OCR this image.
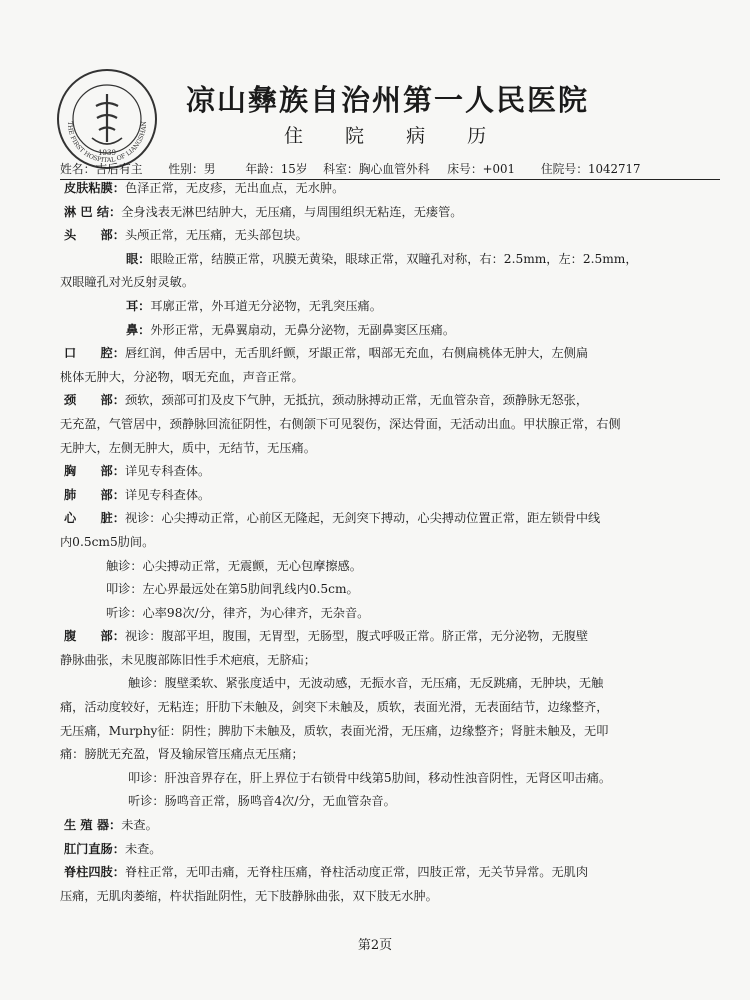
1939
THE FIRST HOSPITAL OF LIANGSHAN
凉山彝族自治州第一人民医院
住 院 病 历
姓名：吉后有主 性别：男	年龄：15岁 科室：胸心血管外科 床号：+001 住院号：1042717

皮肤粘膜：色泽正常，无皮疹，无出血点，无水肿。

淋 巴 结：全身浅表无淋巴结肿大，无压痛，与周围组织无粘连，无瘘管。

头　　部：头颅正常，无压痛，无头部包块。

眼：眼睑正常，结膜正常，巩膜无黄染，眼球正常，双瞳孔对称，右：2.5mm，左：2.5mm，

双眼瞳孔对光反射灵敏。

耳：耳廓正常，外耳道无分泌物，无乳突压痛。

鼻：外形正常，无鼻翼扇动，无鼻分泌物，无副鼻窦区压痛。

口　　腔：唇红润，伸舌居中，无舌肌纤颤，牙龈正常，咽部无充血，右侧扁桃体无肿大，左侧扁

桃体无肿大，分泌物，咽无充血，声音正常。

颈　　部：颈软，颈部可扪及皮下气肿，无抵抗，颈动脉搏动正常，无血管杂音，颈静脉无怒张，

无充盈，气管居中，颈静脉回流征阴性，右侧颌下可见裂伤，深达骨面，无活动出血。甲状腺正常，右侧

无肿大，左侧无肿大，质中，无结节，无压痛。

胸　　部：详见专科查体。

肺　　部：详见专科查体。

心　　脏：视诊：心尖搏动正常，心前区无隆起，无剑突下搏动，心尖搏动位置正常，距左锁骨中线

内0.5cm5肋间。

触诊：心尖搏动正常，无震颤，无心包摩擦感。

叩诊：左心界最远处在第5肋间乳线内0.5cm。

听诊：心率98次/分，律齐，为心律齐，无杂音。

腹　　部：视诊：腹部平坦，腹围，无胃型，无肠型，腹式呼吸正常。脐正常，无分泌物，无腹壁

静脉曲张，未见腹部陈旧性手术疤痕，无脐疝；

触诊：腹壁柔软、紧张度适中，无波动感，无振水音，无压痛，无反跳痛，无肿块，无触

痛，活动度较好，无粘连；肝肋下未触及，剑突下未触及，质软，表面光滑，无表面结节，边缘整齐，

无压痛，Murphy征：阴性；脾肋下未触及，质软，表面光滑，无压痛，边缘整齐；肾脏未触及，无叩

痛：膀胱无充盈，肾及输尿管压痛点无压痛；

叩诊：肝浊音界存在，肝上界位于右锁骨中线第5肋间，移动性浊音阴性，无肾区叩击痛。

听诊：肠鸣音正常，肠鸣音4次/分，无血管杂音。

生 殖 器：未查。

肛门直肠：未查。

脊柱四肢：脊柱正常，无叩击痛，无脊柱压痛，脊柱活动度正常，四肢正常，无关节异常。无肌肉

压痛，无肌肉萎缩，杵状指趾阴性，无下肢静脉曲张，双下肢无水肿。

第2页
